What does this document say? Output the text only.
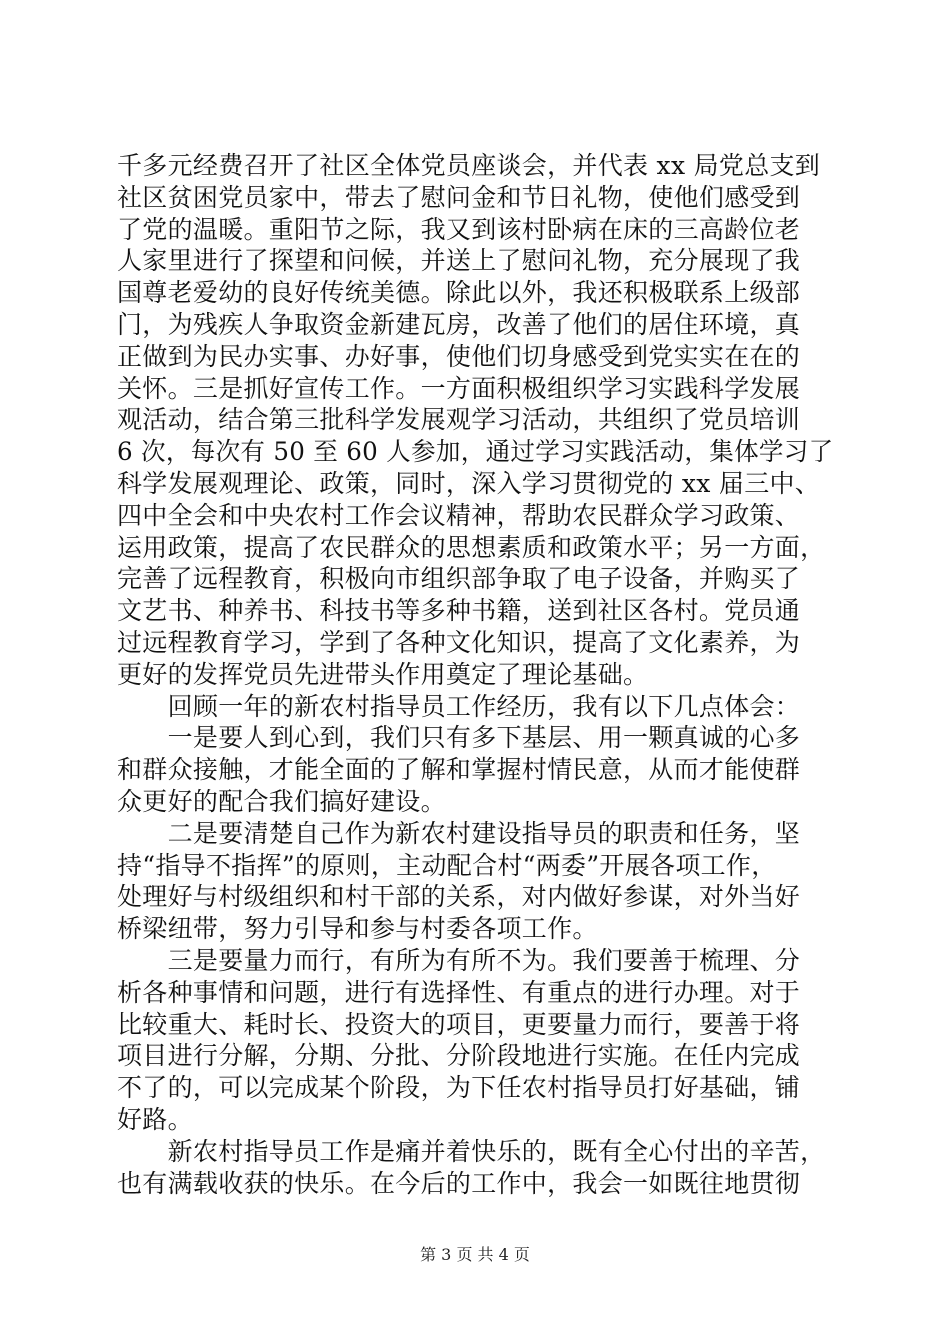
千多元经费召开了社区全体党员座谈会，并代表 xx 局党总支到
社区贫困党员家中，带去了慰问金和节日礼物，使他们感受到
了党的温暖。重阳节之际，我又到该村卧病在床的三高龄位老
人家里进行了探望和问候，并送上了慰问礼物，充分展现了我
国尊老爱幼的良好传统美德。除此以外，我还积极联系上级部
门，为残疾人争取资金新建瓦房，改善了他们的居住环境，真
正做到为民办实事、办好事，使他们切身感受到党实实在在的
关怀。三是抓好宣传工作。一方面积极组织学习实践科学发展
观活动，结合第三批科学发展观学习活动，共组织了党员培训
6 次，每次有 50 至 60 人参加，通过学习实践活动，集体学习了
科学发展观理论、政策，同时，深入学习贯彻党的 xx 届三中、
四中全会和中央农村工作会议精神，帮助农民群众学习政策、
运用政策，提高了农民群众的思想素质和政策水平；另一方面，
完善了远程教育，积极向市组织部争取了电子设备，并购买了
文艺书、种养书、科技书等多种书籍，送到社区各村。党员通
过远程教育学习，学到了各种文化知识，提高了文化素养，为
更好的发挥党员先进带头作用奠定了理论基础。
　　回顾一年的新农村指导员工作经历，我有以下几点体会：
　　一是要人到心到，我们只有多下基层、用一颗真诚的心多
和群众接触，才能全面的了解和掌握村情民意，从而才能使群
众更好的配合我们搞好建设。
　　二是要清楚自己作为新农村建设指导员的职责和任务，坚
持“指导不指挥”的原则，主动配合村“两委”开展各项工作，
处理好与村级组织和村干部的关系，对内做好参谋，对外当好
桥梁纽带，努力引导和参与村委各项工作。
　　三是要量力而行，有所为有所不为。我们要善于梳理、分
析各种事情和问题，进行有选择性、有重点的进行办理。对于
比较重大、耗时长、投资大的项目，更要量力而行，要善于将
项目进行分解，分期、分批、分阶段地进行实施。在任内完成
不了的，可以完成某个阶段，为下任农村指导员打好基础，铺
好路。
　　新农村指导员工作是痛并着快乐的，既有全心付出的辛苦，
也有满载收获的快乐。在今后的工作中，我会一如既往地贯彻
第 3 页 共 4 页
